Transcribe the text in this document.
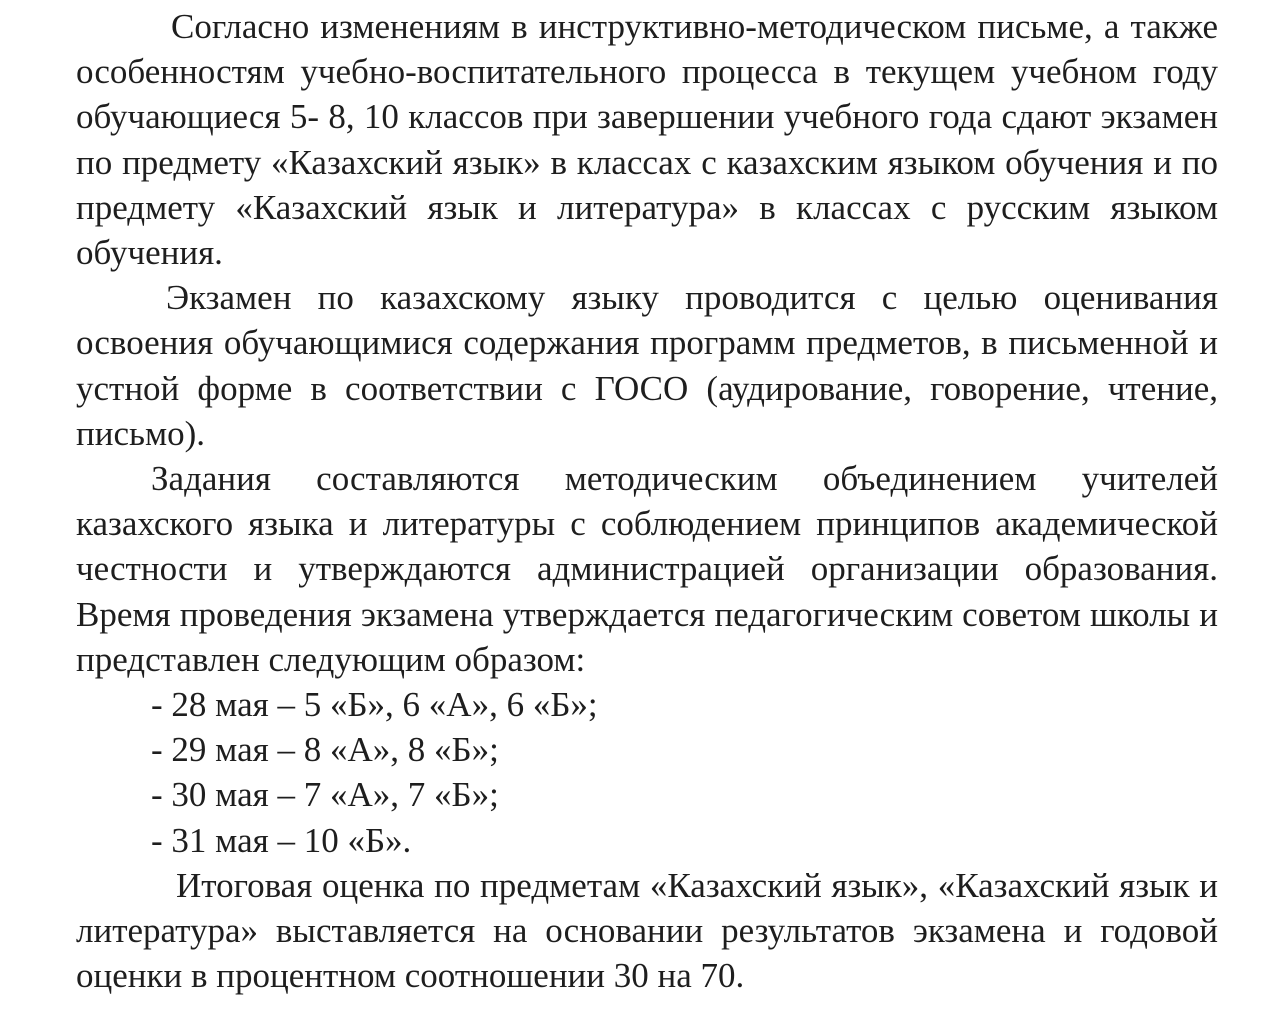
Согласно изменениям в инструктивно-методическом письме, а также особенностям учебно-воспитательного процесса в текущем учебном году обучающиеся 5- 8, 10 классов при завершении учебного года сдают экзамен по предмету «Казахский язык» в классах с казахским языком обучения и по предмету «Казахский язык и литература» в классах с русским языком обучения.

Экзамен по казахскому языку проводится с целью оценивания освоения обучающимися содержания программ предметов, в письменной и устной форме в соответствии с ГОСО (аудирование, говорение, чтение, письмо).

Задания составляются методическим объединением учителей казахского языка и литературы с соблюдением принципов академической честности и утверждаются администрацией организации образования. Время проведения экзамена утверждается педагогическим советом школы и представлен следующим образом:

- 28 мая – 5 «Б», 6 «А», 6 «Б»;
- 29 мая – 8 «А», 8 «Б»;
- 30 мая – 7 «А», 7 «Б»;
- 31 мая – 10 «Б».

Итоговая оценка по предметам «Казахский язык», «Казахский язык и литература» выставляется на основании результатов экзамена и годовой оценки в процентном соотношении 30 на 70.
